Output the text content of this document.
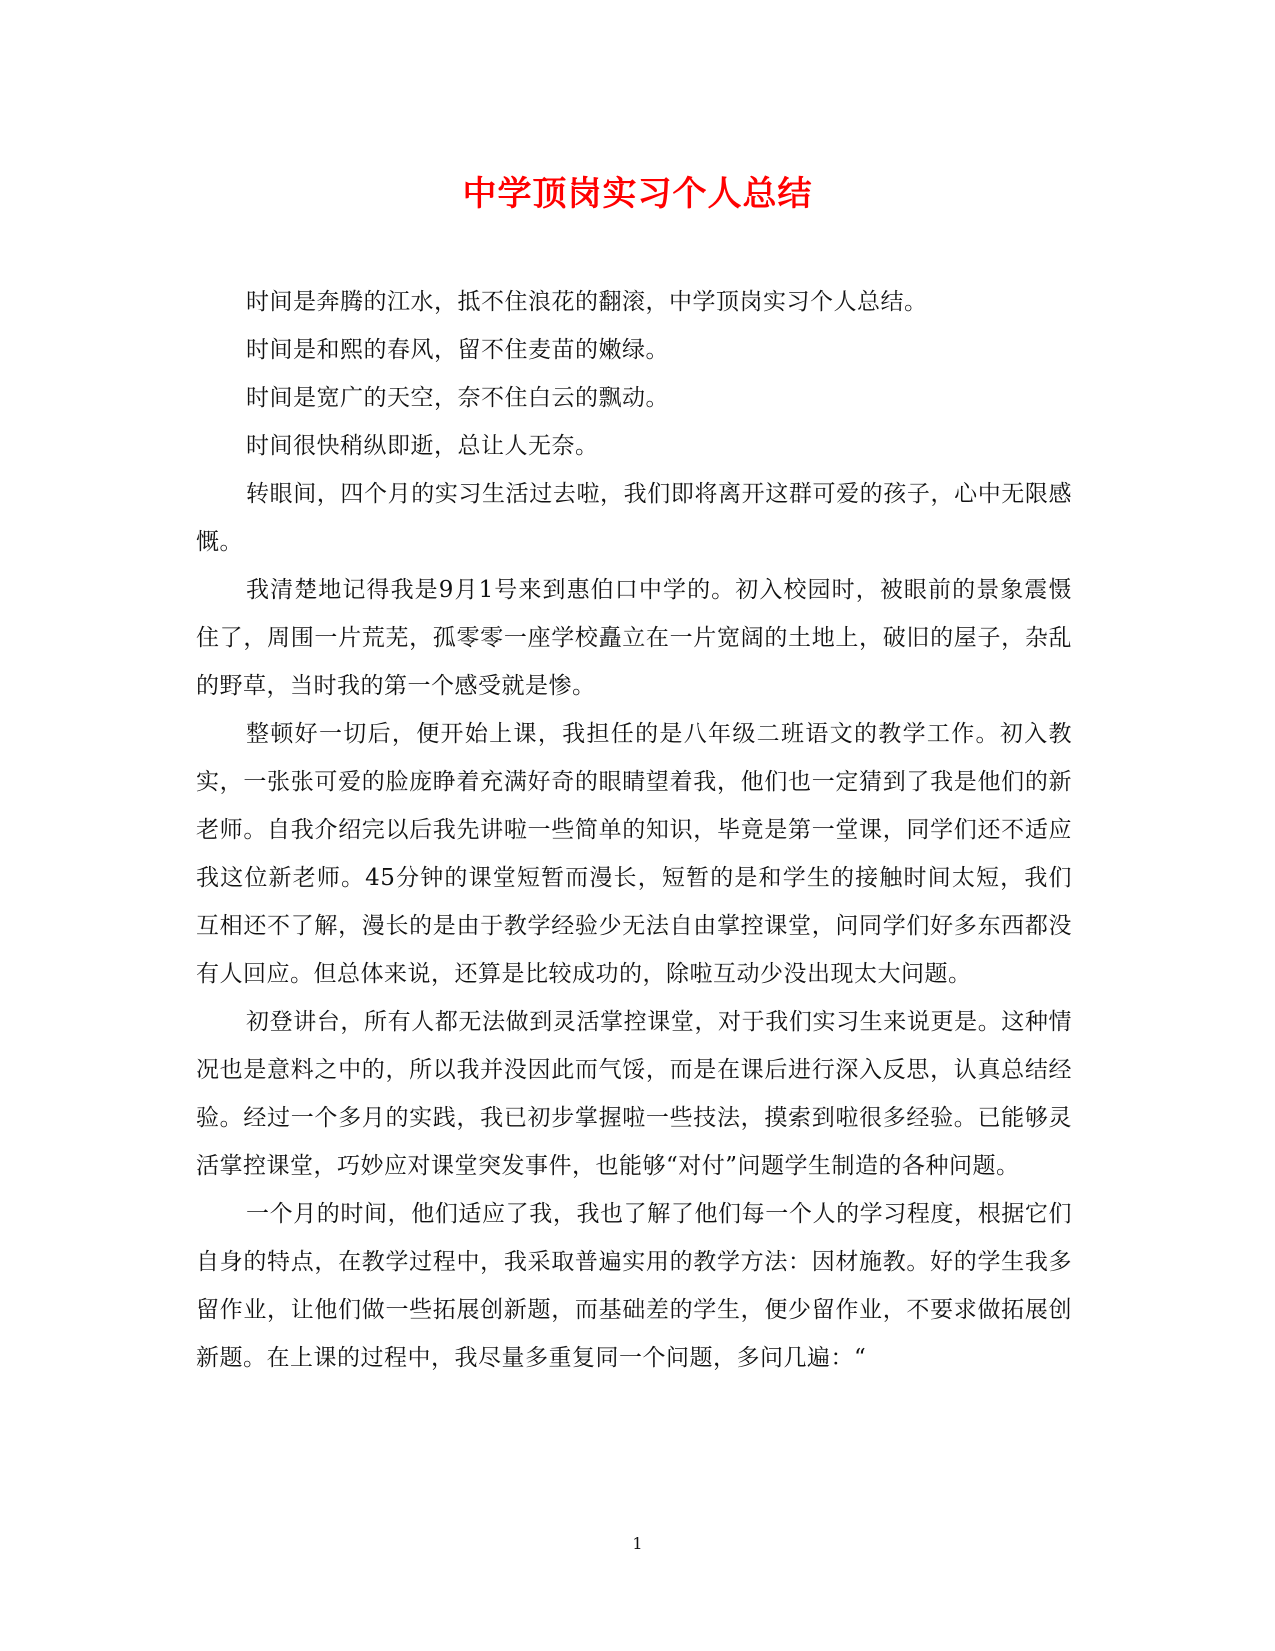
中学顶岗实习个人总结

时间是奔腾的江水，抵不住浪花的翻滚，中学顶岗实习个人总结。

时间是和熙的春风，留不住麦苗的嫩绿。

时间是宽广的天空，奈不住白云的飘动。

时间很快稍纵即逝，总让人无奈。

转眼间，四个月的实习生活过去啦，我们即将离开这群可爱的孩子，心中无限感慨。

我清楚地记得我是9月1号来到惠伯口中学的。初入校园时，被眼前的景象震慑住了，周围一片荒芜，孤零零一座学校矗立在一片宽阔的土地上，破旧的屋子，杂乱的野草，当时我的第一个感受就是惨。

整顿好一切后，便开始上课，我担任的是八年级二班语文的教学工作。初入教实，一张张可爱的脸庞睁着充满好奇的眼睛望着我，他们也一定猜到了我是他们的新老师。自我介绍完以后我先讲啦一些简单的知识，毕竟是第一堂课，同学们还不适应我这位新老师。45分钟的课堂短暂而漫长，短暂的是和学生的接触时间太短，我们互相还不了解，漫长的是由于教学经验少无法自由掌控课堂，问同学们好多东西都没有人回应。但总体来说，还算是比较成功的，除啦互动少没出现太大问题。

初登讲台，所有人都无法做到灵活掌控课堂，对于我们实习生来说更是。这种情况也是意料之中的，所以我并没因此而气馁，而是在课后进行深入反思，认真总结经验。经过一个多月的实践，我已初步掌握啦一些技法，摸索到啦很多经验。已能够灵活掌控课堂，巧妙应对课堂突发事件，也能够“对付”问题学生制造的各种问题。

一个月的时间，他们适应了我，我也了解了他们每一个人的学习程度，根据它们自身的特点，在教学过程中，我采取普遍实用的教学方法：因材施教。好的学生我多留作业，让他们做一些拓展创新题，而基础差的学生，便少留作业，不要求做拓展创新题。在上课的过程中，我尽量多重复同一个问题，多问几遍：“

1
